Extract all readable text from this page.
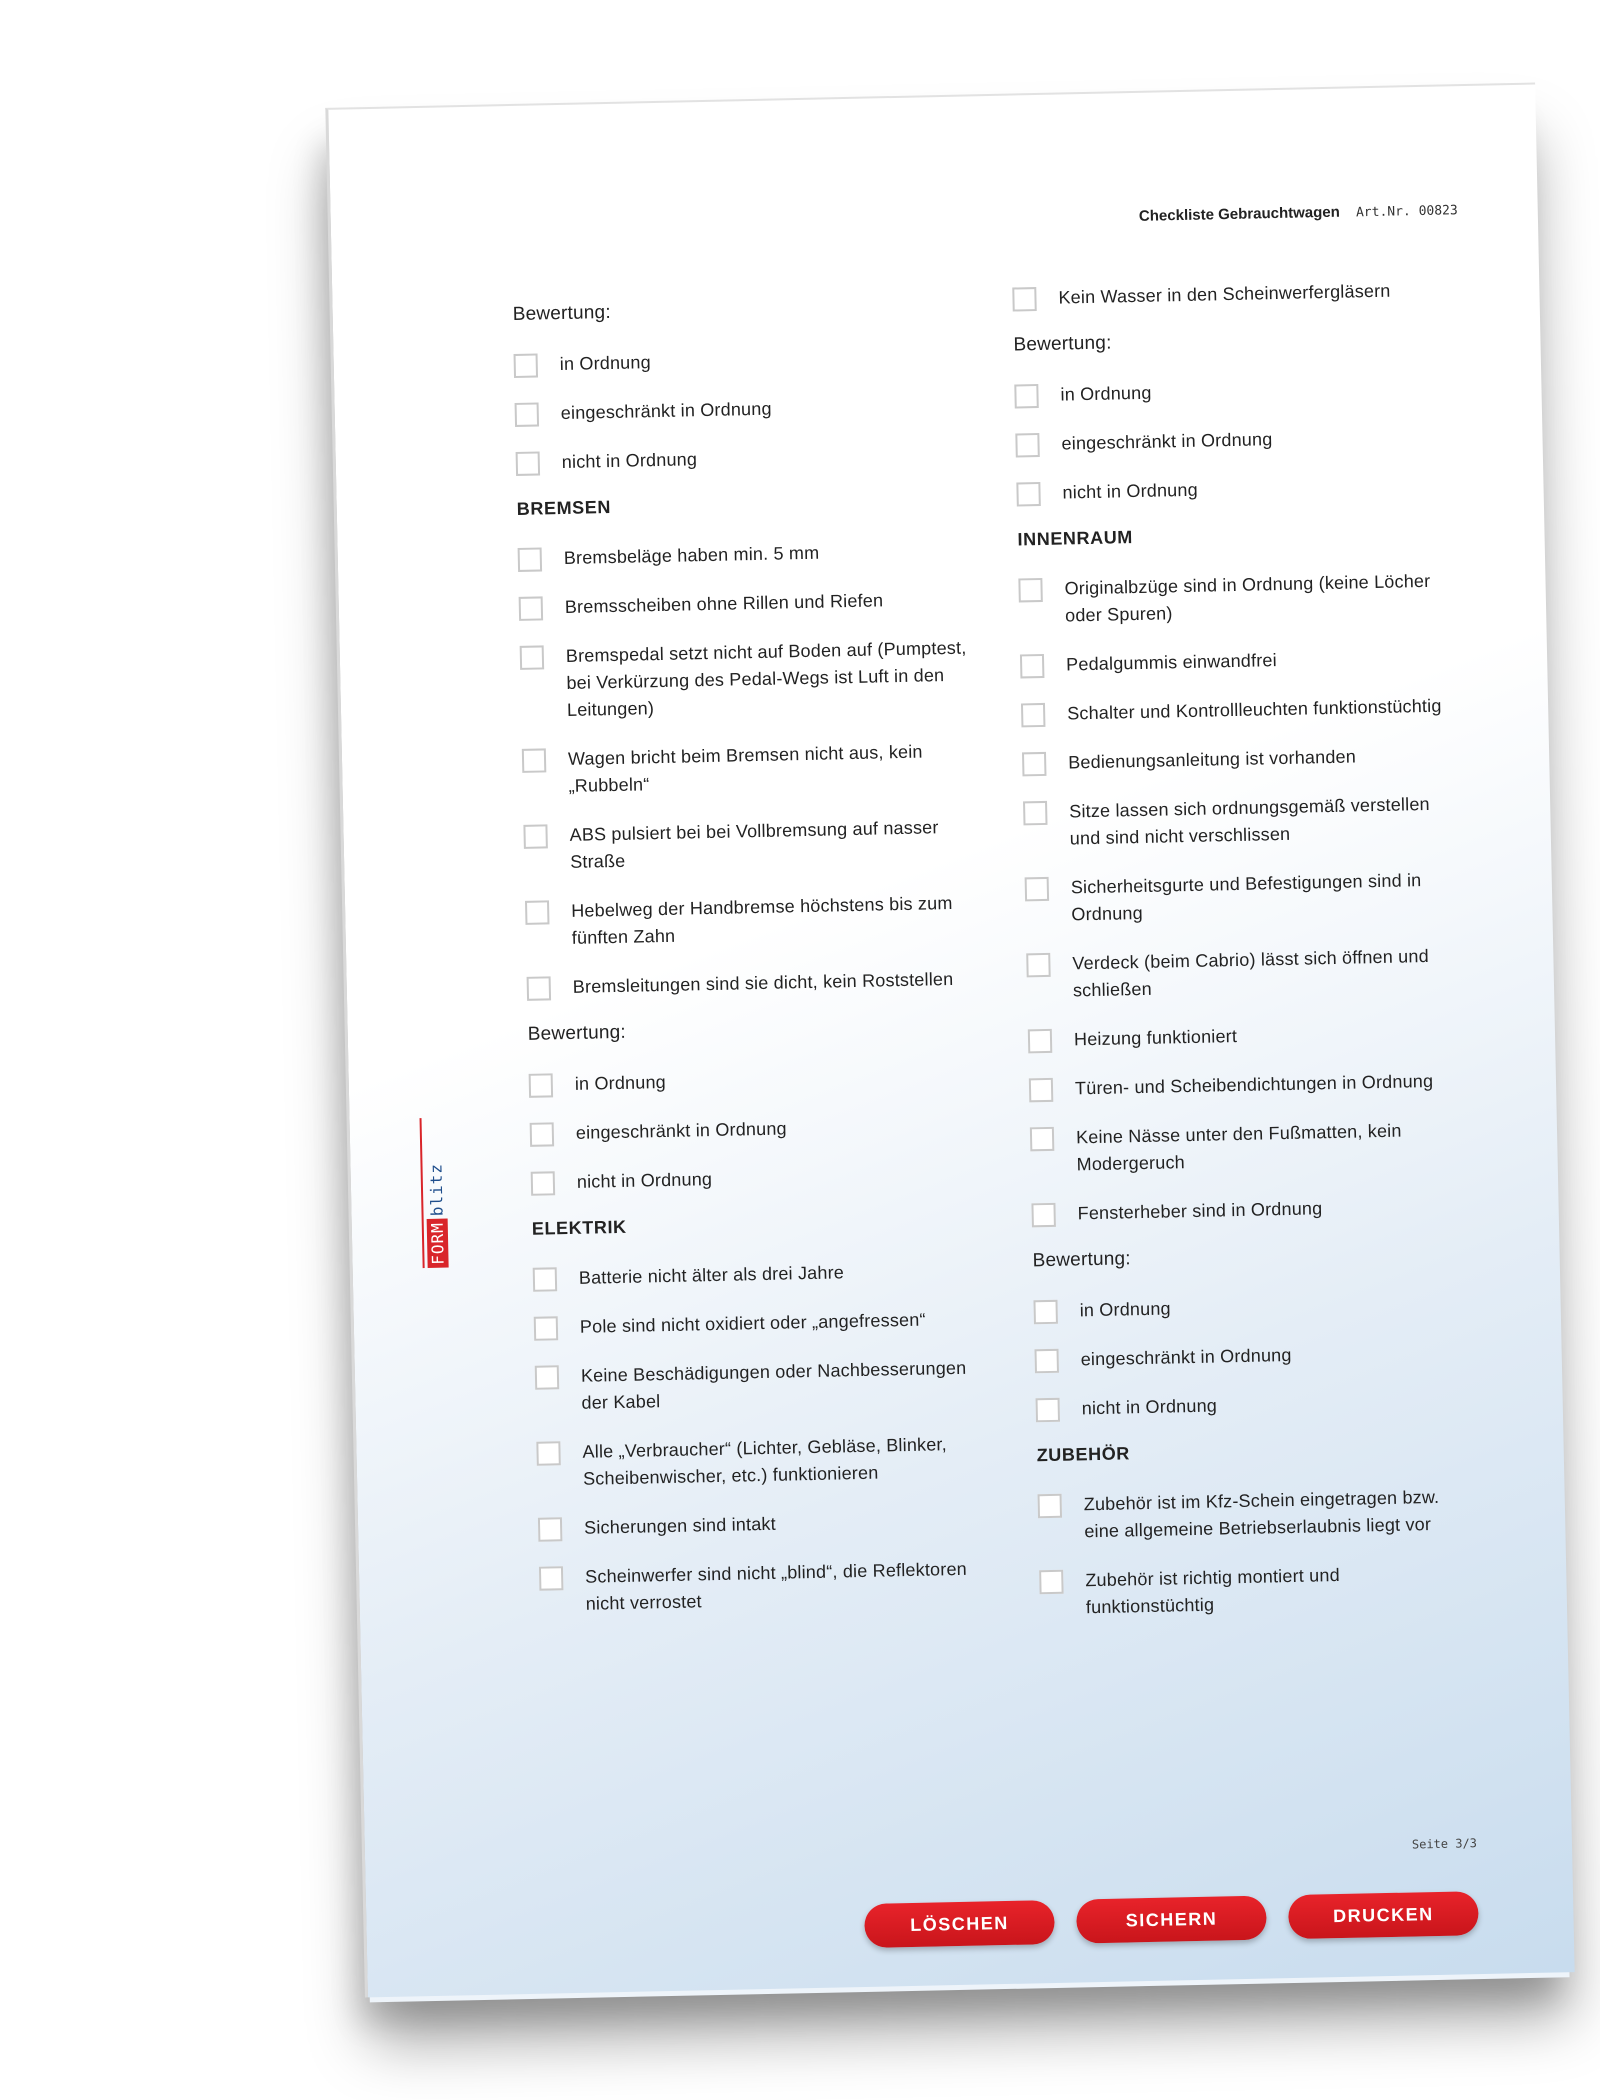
Checkliste Gebrauchtwagen Art.Nr. 00823
FORMblitz
Bewertung:
in Ordnung
eingeschränkt in Ordnung
nicht in Ordnung
BREMSEN
Bremsbeläge haben min. 5 mm
Bremsscheiben ohne Rillen und Riefen
Bremspedal setzt nicht auf Boden auf (Pumptest, bei Verkürzung des Pedal-Wegs ist Luft in den Leitungen)
Wagen bricht beim Bremsen nicht aus, kein „Rubbeln“
ABS pulsiert bei bei Vollbremsung auf nasser Straße
Hebelweg der Handbremse höchstens bis zum fünften Zahn
Bremsleitungen sind sie dicht, kein Roststellen
Bewertung:
in Ordnung
eingeschränkt in Ordnung
nicht in Ordnung
ELEKTRIK
Batterie nicht älter als drei Jahre
Pole sind nicht oxidiert oder „angefressen“
Keine Beschädigungen oder Nachbesserungen der Kabel
Alle „Verbraucher“ (Lichter, Gebläse, Blinker, Scheibenwischer, etc.) funktionieren
Sicherungen sind intakt
Scheinwerfer sind nicht „blind“, die Reflektoren nicht verrostet
Kein Wasser in den Scheinwerfergläsern
Bewertung:
in Ordnung
eingeschränkt in Ordnung
nicht in Ordnung
INNENRAUM
Originalbzüge sind in Ordnung (keine Löcher oder Spuren)
Pedalgummis einwandfrei
Schalter und Kontrollleuchten funktionstüchtig
Bedienungsanleitung ist vorhanden
Sitze lassen sich ordnungsgemäß verstellen und sind nicht verschlissen
Sicherheitsgurte und Befestigungen sind in Ordnung
Verdeck (beim Cabrio) lässt sich öffnen und schließen
Heizung funktioniert
Türen- und Scheibendichtungen in Ordnung
Keine Nässe unter den Fußmatten, kein Modergeruch
Fensterheber sind in Ordnung
Bewertung:
in Ordnung
eingeschränkt in Ordnung
nicht in Ordnung
ZUBEHÖR
Zubehör ist im Kfz-Schein eingetragen bzw. eine allgemeine Betriebserlaubnis liegt vor
Zubehör ist richtig montiert und funktionstüchtig
Seite 3/3
LÖSCHEN	SICHERN	DRUCKEN
